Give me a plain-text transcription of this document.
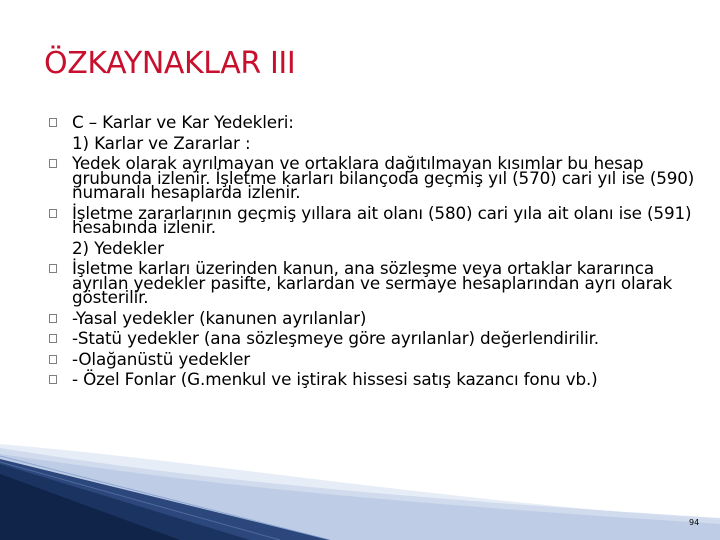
ÖZKAYNAKLAR III
C – Karlar ve Kar Yedekleri:
1) Karlar ve Zararlar :
Yedek olarak ayrılmayan ve ortaklara dağıtılmayan kısımlar bu hesap grubunda izlenir. İşletme karları bilançoda geçmiş yıl (570) cari yıl ise (590) numaralı hesaplarda izlenir.
İşletme zararlarının geçmiş yıllara ait olanı (580) cari yıla ait olanı ise (591) hesabında izlenir.
2) Yedekler
İşletme karları üzerinden kanun, ana sözleşme veya ortaklar kararınca ayrılan yedekler pasifte, karlardan ve sermaye hesaplarından ayrı olarak gösterilir.
-Yasal yedekler (kanunen ayrılanlar)
-Statü yedekler (ana sözleşmeye göre ayrılanlar) değerlendirilir.
-Olağanüstü yedekler
- Özel Fonlar (G.menkul ve iştirak hissesi satış kazancı fonu vb.)
94
